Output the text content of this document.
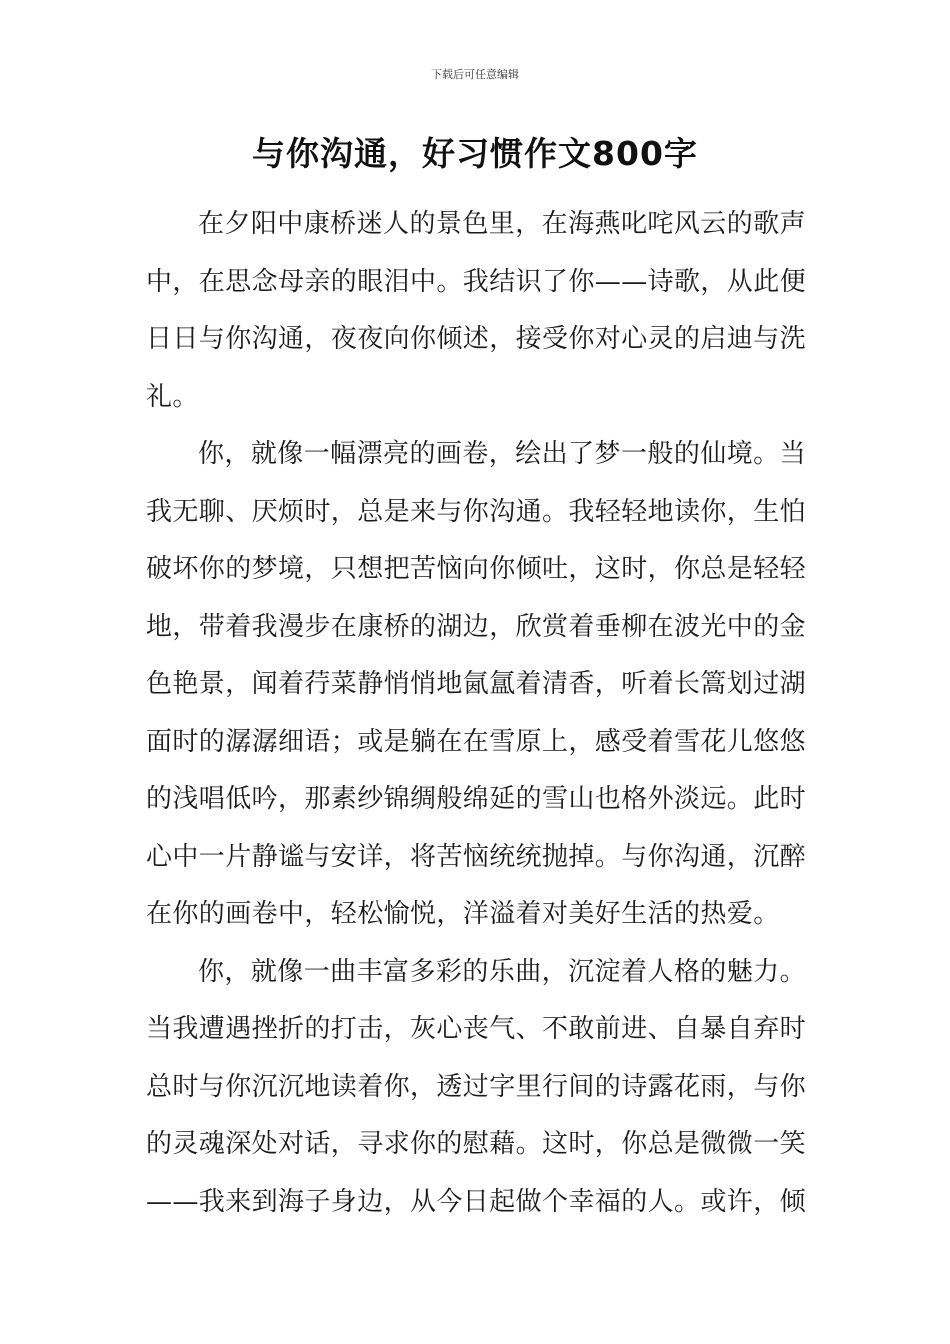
下载后可任意编辑
与你沟通，好习惯作文800字

在夕阳中康桥迷人的景色里，在海燕叱咤风云的歌声中，在思念母亲的眼泪中。我结识了你——诗歌，从此便日日与你沟通，夜夜向你倾述，接受你对心灵的启迪与洗礼。

你，就像一幅漂亮的画卷，绘出了梦一般的仙境。当我无聊、厌烦时，总是来与你沟通。我轻轻地读你，生怕破坏你的梦境，只想把苦恼向你倾吐，这时，你总是轻轻地，带着我漫步在康桥的湖边，欣赏着垂柳在波光中的金色艳景，闻着荇菜静悄悄地氤氲着清香，听着长篙划过湖面时的潺潺细语；或是躺在在雪原上，感受着雪花儿悠悠的浅唱低吟，那素纱锦绸般绵延的雪山也格外淡远。此时心中一片静谧与安详，将苦恼统统抛掉。与你沟通，沉醉在你的画卷中，轻松愉悦，洋溢着对美好生活的热爱。

你，就像一曲丰富多彩的乐曲，沉淀着人格的魅力。当我遭遇挫折的打击，灰心丧气、不敢前进、自暴自弃时总时与你沉沉地读着你，透过字里行间的诗露花雨，与你的灵魂深处对话，寻求你的慰藉。这时，你总是微微一笑——我来到海子身边，从今日起做个幸福的人。或许，倾
